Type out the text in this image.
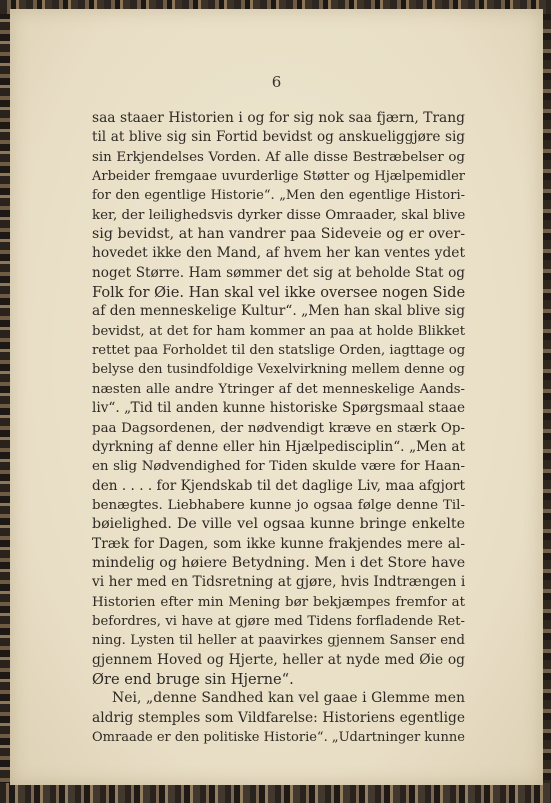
6
saa staaer Historien i og for sig nok saa fjærn, Trang
til at blive sig sin Fortid bevidst og anskueliggjøre sig
sin Erkjendelses Vorden. Af alle disse Bestræbelser og
Arbeider fremgaae uvurderlige Støtter og Hjælpemidler
for den egentlige Historie“. „Men den egentlige Histori-
ker, der leilighedsvis dyrker disse Omraader, skal blive
sig bevidst, at han vandrer paa Sideveie og er over-
hovedet ikke den Mand, af hvem her kan ventes ydet
noget Større. Ham sømmer det sig at beholde Stat og
Folk for Øie. Han skal vel ikke oversee nogen Side
af den menneskelige Kultur“. „Men han skal blive sig
bevidst, at det for ham kommer an paa at holde Blikket
rettet paa Forholdet til den statslige Orden, iagttage og
belyse den tusindfoldige Vexelvirkning mellem denne og
næsten alle andre Ytringer af det menneskelige Aands-
liv“. „Tid til anden kunne historiske Spørgsmaal staae
paa Dagsordenen, der nødvendigt kræve en stærk Op-
dyrkning af denne eller hin Hjælpedisciplin“. „Men at
en slig Nødvendighed for Tiden skulde være for Haan-
den . . . . for Kjendskab til det daglige Liv, maa afgjort
benægtes. Liebhabere kunne jo ogsaa følge denne Til-
bøielighed. De ville vel ogsaa kunne bringe enkelte
Træk for Dagen, som ikke kunne frakjendes mere al-
mindelig og høiere Betydning. Men i det Store have
vi her med en Tidsretning at gjøre, hvis Indtrængen i
Historien efter min Mening bør bekjæmpes fremfor at
befordres, vi have at gjøre med Tidens forfladende Ret-
ning. Lysten til heller at paavirkes gjennem Sanser end
gjennem Hoved og Hjerte, heller at nyde med Øie og
Øre end bruge sin Hjerne“.
Nei, „denne Sandhed kan vel gaae i Glemme men
aldrig stemples som Vildfarelse: Historiens egentlige
Omraade er den politiske Historie“. „Udartninger kunne
